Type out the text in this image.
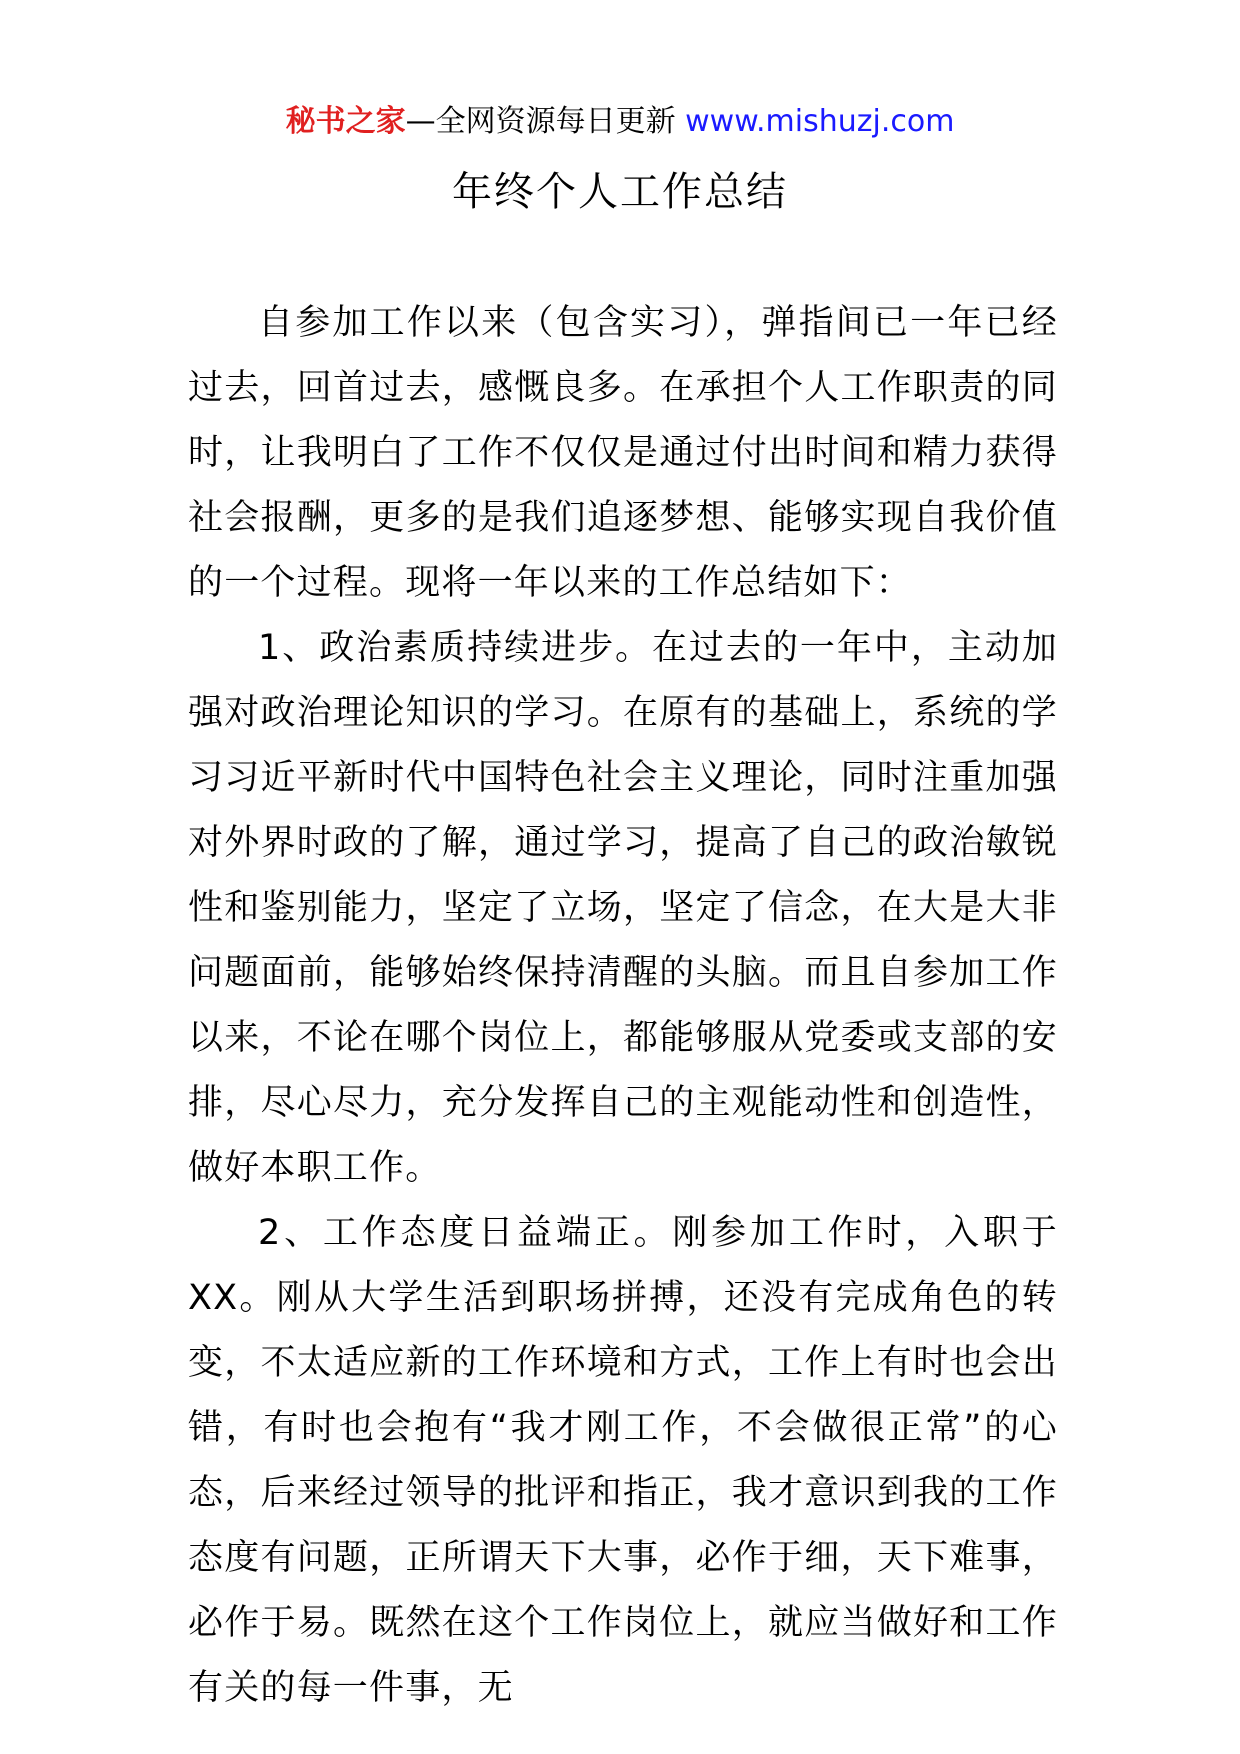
秘书之家—全网资源每日更新 www.mishuzj.com
年终个人工作总结

自参加工作以来（包含实习），弹指间已一年已经过去，回首过去，感慨良多。在承担个人工作职责的同时，让我明白了工作不仅仅是通过付出时间和精力获得社会报酬，更多的是我们追逐梦想、能够实现自我价值的一个过程。现将一年以来的工作总结如下：

1、政治素质持续进步。在过去的一年中，主动加强对政治理论知识的学习。在原有的基础上，系统的学习习近平新时代中国特色社会主义理论，同时注重加强对外界时政的了解，通过学习，提高了自己的政治敏锐性和鉴别能力，坚定了立场，坚定了信念，在大是大非问题面前，能够始终保持清醒的头脑。而且自参加工作以来，不论在哪个岗位上，都能够服从党委或支部的安排，尽心尽力，充分发挥自己的主观能动性和创造性，做好本职工作。

2、工作态度日益端正。刚参加工作时，入职于XX。刚从大学生活到职场拼搏，还没有完成角色的转变，不太适应新的工作环境和方式，工作上有时也会出错，有时也会抱有“我才刚工作，不会做很正常”的心态，后来经过领导的批评和指正，我才意识到我的工作态度有问题，正所谓天下大事，必作于细，天下难事，必作于易。既然在这个工作岗位上，就应当做好和工作有关的每一件事，无
